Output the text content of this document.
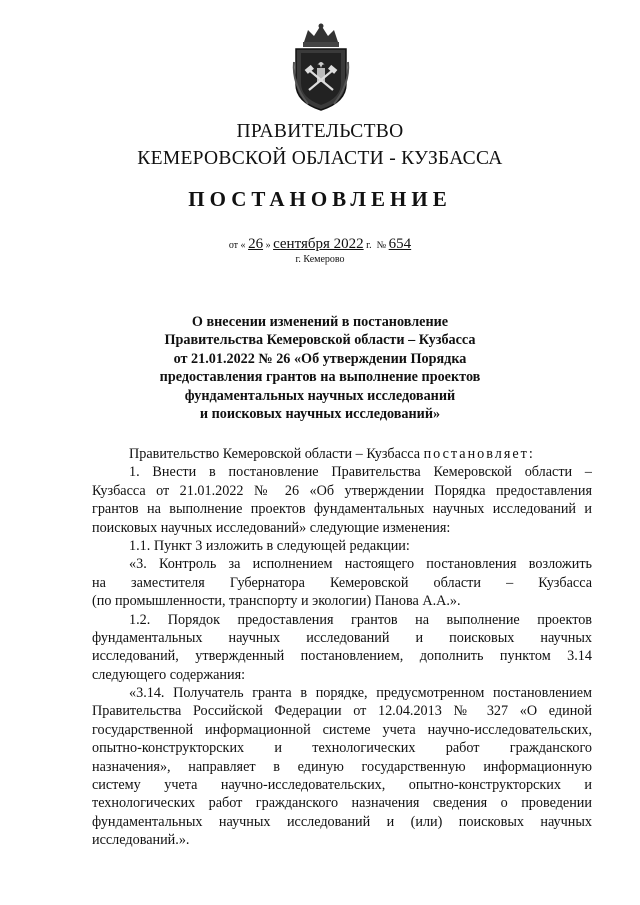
ПРАВИТЕЛЬСТВО
КЕМЕРОВСКОЙ ОБЛАСТИ - КУЗБАССА
ПОСТАНОВЛЕНИЕ
от « 26 » сентября 2022 г. № 654
г. Кемерово
О внесении изменений в постановление
Правительства Кемеровской области – Кузбасса
от 21.01.2022 № 26 «Об утверждении Порядка
предоставления грантов на выполнение проектов
фундаментальных научных исследований
и поисковых научных исследований»
Правительство Кемеровской области – Кузбасса постановляет:
1. Внести в постановление Правительства Кемеровской области –
Кузбасса от 21.01.2022 № 26 «Об утверждении Порядка предоставления
грантов на выполнение проектов фундаментальных научных исследований и
поисковых научных исследований» следующие изменения:
1.1. Пункт 3 изложить в следующей редакции:
«3. Контроль за исполнением настоящего постановления возложить
на заместителя Губернатора Кемеровской области – Кузбасса
(по промышленности, транспорту и экологии) Панова А.А.».
1.2. Порядок предоставления грантов на выполнение проектов
фундаментальных научных исследований и поисковых научных
исследований, утвержденный постановлением, дополнить пунктом 3.14
следующего содержания:
«3.14. Получатель гранта в порядке, предусмотренном постановлением
Правительства Российской Федерации от 12.04.2013 № 327 «О единой
государственной информационной системе учета научно-исследовательских,
опытно-конструкторских и технологических работ гражданского
назначения», направляет в единую государственную информационную
систему учета научно-исследовательских, опытно-конструкторских и
технологических работ гражданского назначения сведения о проведении
фундаментальных научных исследований и (или) поисковых научных
исследований.».
